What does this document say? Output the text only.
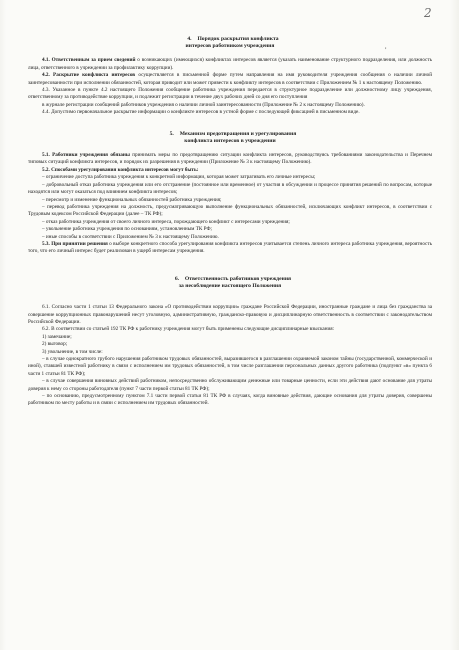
2
,
4. Порядок раскрытия конфликта
интересов работником учреждения

4.1. Ответственным за прием сведений о возникающих (имеющихся) конфликтах интересов является (указать наименование структурного подразделения, или должность лица, ответственного в учреждении за профилактику коррупции).

4.2. Раскрытие конфликта интересов осуществляется в письменной форме путем направления на имя руководителя учреждения сообщения о наличии личной заинтересованности при исполнении обязанностей, которая приводит или может привести к конфликту интересов в соответствии с Приложением № 1 к настоящему Положению.

4.3. Указанное в пункте 4.2 настоящего Положения сообщение работника учреждения передается в структурное подразделение или должностному лицу учреждения, ответственному за противодействие коррупции, и подлежит регистрации в течение двух рабочих дней со дня его поступления

в журнале регистрации сообщений работников учреждения о наличии личной заинтересованности (Приложение № 2 к настоящему Положению).

4.4. Допустимо первоначальное раскрытие информации о конфликте интересов в устной форме с последующей фиксацией в письменном виде.

5. Механизм предотвращения и урегулирования
конфликта интересов в учреждении

5.1. Работники учреждения обязаны принимать меры по предотвращению ситуации конфликта интересов, руководствуясь требованиями законодательства и Перечнем типовых ситуаций конфликта интересов, и порядок их разрешения в учреждении (Приложение № 3 к настоящему Положению).

5.2. Способами урегулирования конфликта интересов могут быть:

– ограничение доступа работника учреждения к конкретной информации, которая может затрагивать его личные интересы;

– добровольный отказ работника учреждения или его отстранение (постоянное или временное) от участия в обсуждении и процессе принятия решений по вопросам, которые находятся или могут оказаться под влиянием конфликта интересов;

– пересмотр и изменение функциональных обязанностей работника учреждения;

– перевод работника учреждения на должность, предусматривающую выполнение функциональных обязанностей, исключающих конфликт интересов, в соответствии с Трудовым кодексом Российской Федерации (далее – ТК РФ);

– отказ работника учреждения от своего личного интереса, порождающего конфликт с интересами учреждения;

– увольнение работника учреждения по основаниям, установленным ТК РФ;

– иные способы в соответствии с Приложением № 3 к настоящему Положению.

5.3. При принятии решения о выборе конкретного способа урегулирования конфликта интересов учитывается степень личного интереса работника учреждения, вероятность того, что его личный интерес будет реализован в ущерб интересам учреждения.

6. Ответственность работников учреждения
за несоблюдение настоящего Положения

6.1. Согласно части 1 статьи 13 Федерального закона «О противодействии коррупции» граждане Российской Федерации, иностранные граждане и лица без гражданства за совершение коррупционных правонарушений несут уголовную, административную, гражданско-правовую и дисциплинарную ответственность в соответствии с законодательством Российской Федерации.

6.2. В соответствии со статьей 192 ТК РФ к работнику учреждения могут быть применены следующие дисциплинарные взыскания:

1) замечание;

2) выговор;

3) увольнение, в том числе:

– в случае однократного грубого нарушения работником трудовых обязанностей, выразившегося в разглашении охраняемой законом тайны (государственной, коммерческой и иной), ставшей известной работнику в связи с исполнением им трудовых обязанностей, в том числе разглашении персональных данных другого работника (подпункт «в» пункта 6 части 1 статьи 81 ТК РФ);

– в случае совершения виновных действий работником, непосредственно обслуживающим денежные или товарные ценности, если эти действия дают основание для утраты доверия к нему со стороны работодателя (пункт 7 части первой статьи 81 ТК РФ);

– по основанию, предусмотренному пунктом 7.1 части первой статьи 81 ТК РФ в случаях, когда виновные действия, дающие основания для утраты доверия, совершены работником по месту работы и в связи с исполнением им трудовых обязанностей.
